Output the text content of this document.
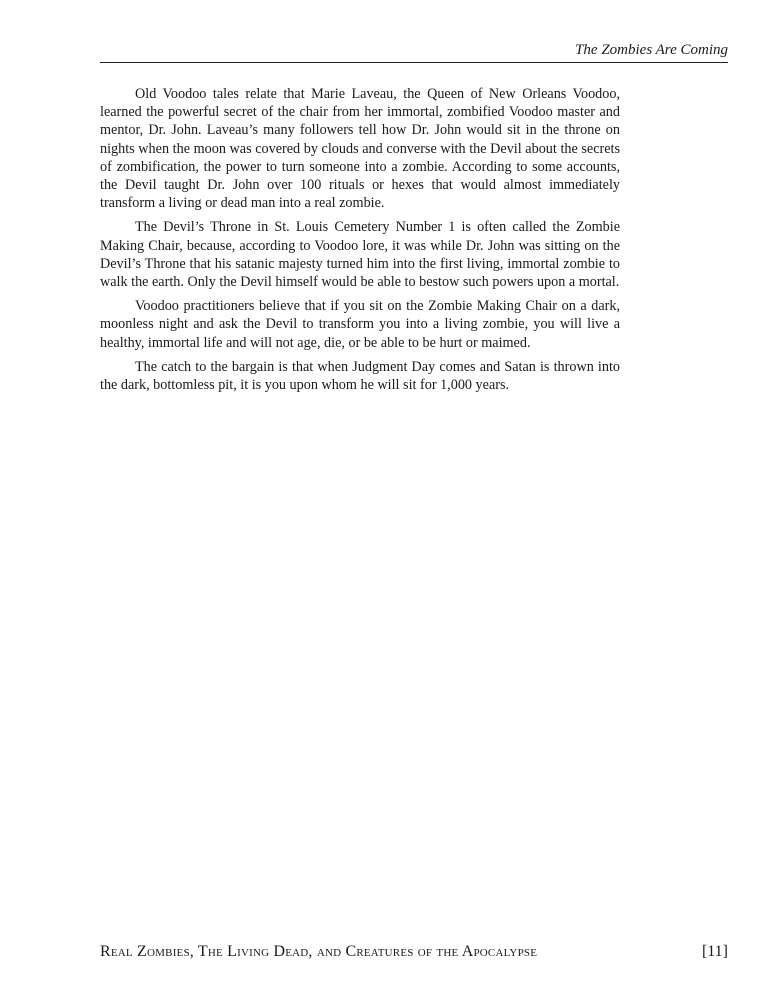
The Zombies Are Coming

Old Voodoo tales relate that Marie Laveau, the Queen of New Orleans Voodoo, learned the powerful secret of the chair from her immortal, zombified Voodoo master and mentor, Dr. John. Laveau’s many followers tell how Dr. John would sit in the throne on nights when the moon was covered by clouds and converse with the Devil about the secrets of zombification, the power to turn someone into a zombie. According to some accounts, the Devil taught Dr. John over 100 rituals or hexes that would almost immediately transform a living or dead man into a real zombie.

The Devil’s Throne in St. Louis Cemetery Number 1 is often called the Zombie Making Chair, because, according to Voodoo lore, it was while Dr. John was sitting on the Devil’s Throne that his satanic majesty turned him into the first living, immortal zombie to walk the earth. Only the Devil himself would be able to bestow such powers upon a mortal.

Voodoo practitioners believe that if you sit on the Zombie Making Chair on a dark, moonless night and ask the Devil to transform you into a living zombie, you will live a healthy, immortal life and will not age, die, or be able to be hurt or maimed.

The catch to the bargain is that when Judgment Day comes and Satan is thrown into the dark, bottomless pit, it is you upon whom he will sit for 1,000 years.

Real Zombies, The Living Dead, and Creatures of the Apocalypse	[11]
